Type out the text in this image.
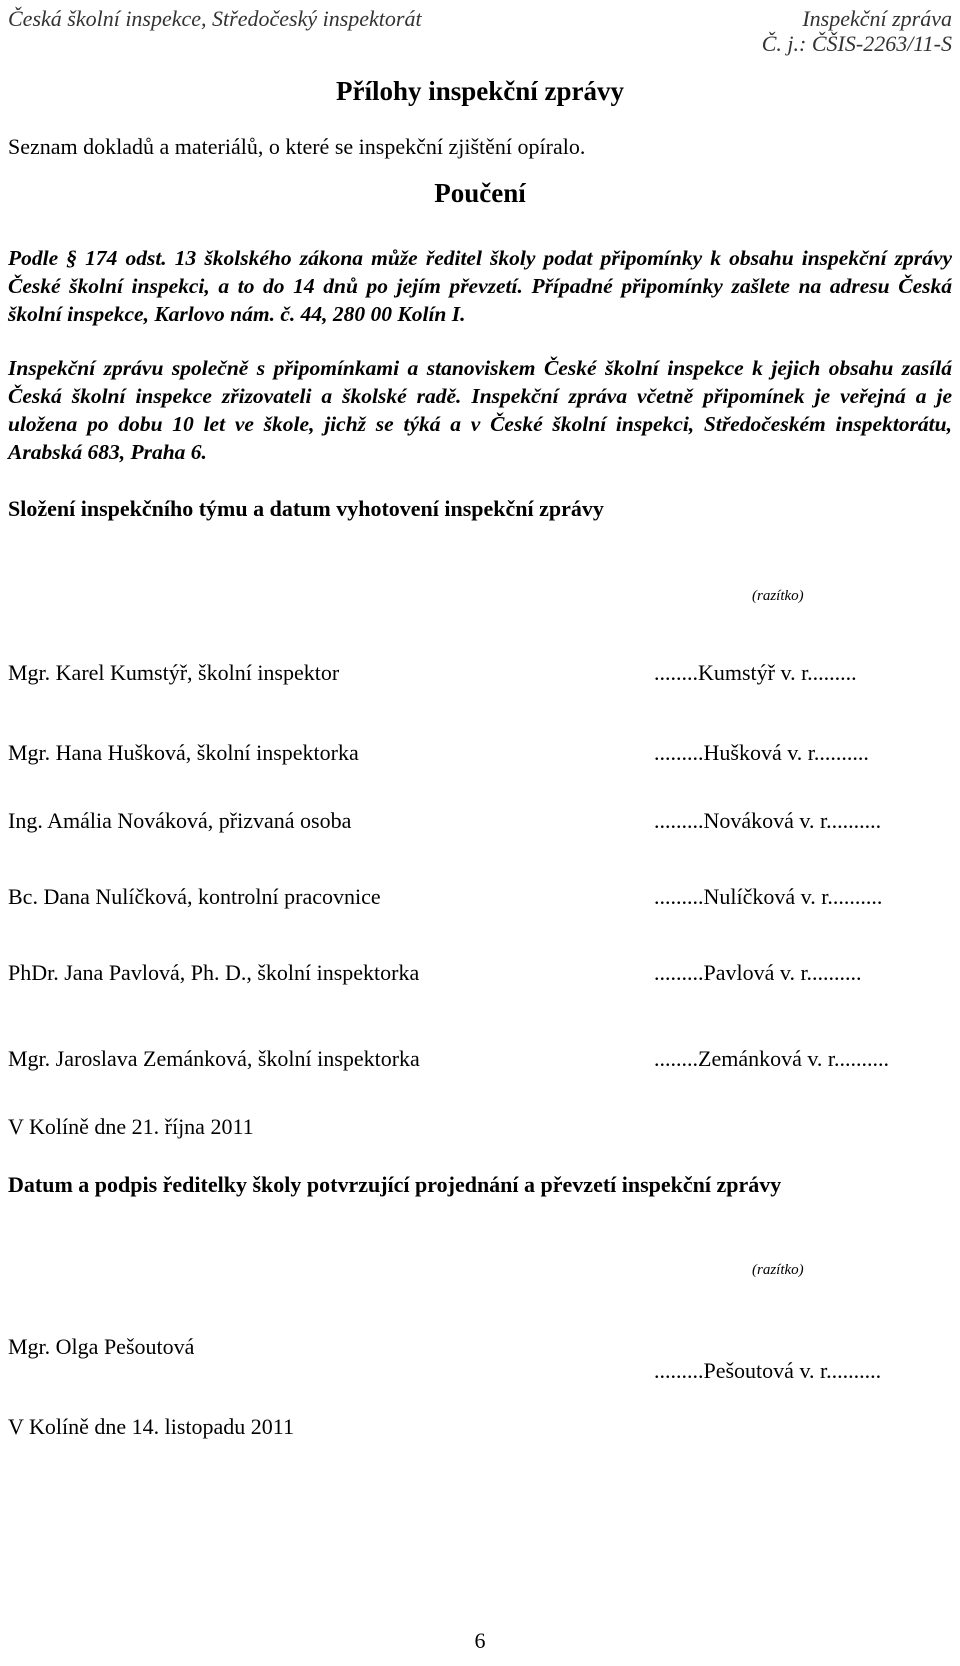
Česká školní inspekce, Středočeský inspektorát	Inspekční zpráva
Č. j.: ČŠIS-2263/11-S
Přílohy inspekční zprávy
Seznam dokladů a materiálů, o které se inspekční zjištění opíralo.
Poučení
Podle § 174 odst. 13 školského zákona může ředitel školy podat připomínky k obsahu inspekční zprávy České školní inspekci, a to do 14 dnů po jejím převzetí. Případné připomínky zašlete na adresu Česká školní inspekce, Karlovo nám. č. 44, 280 00 Kolín I.
Inspekční zprávu společně s připomínkami a stanoviskem České školní inspekce k jejich obsahu zasílá Česká školní inspekce zřizovateli a školské radě. Inspekční zpráva včetně připomínek je veřejná a je uložena po dobu 10 let ve škole, jichž se týká a v České školní inspekci, Středočeském inspektorátu, Arabská 683, Praha 6.
Složení inspekčního týmu a datum vyhotovení inspekční zprávy
(razítko)
Mgr. Karel Kumstýř, školní inspektor	........Kumstýř v. r.........
Mgr. Hana Hušková, školní inspektorka	.........Hušková v. r..........
Ing. Amália Nováková, přizvaná osoba	.........Nováková v. r..........
Bc. Dana Nulíčková, kontrolní pracovnice	.........Nulíčková v. r..........
PhDr. Jana Pavlová, Ph. D., školní inspektorka	.........Pavlová v. r..........
Mgr. Jaroslava Zemánková, školní inspektorka	........Zemánková v. r..........
V Kolíně dne 21. října 2011
Datum a podpis ředitelky školy potvrzující projednání a převzetí inspekční zprávy
(razítko)
Mgr. Olga Pešoutová
.........Pešoutová v. r..........
V Kolíně dne 14. listopadu 2011
6
